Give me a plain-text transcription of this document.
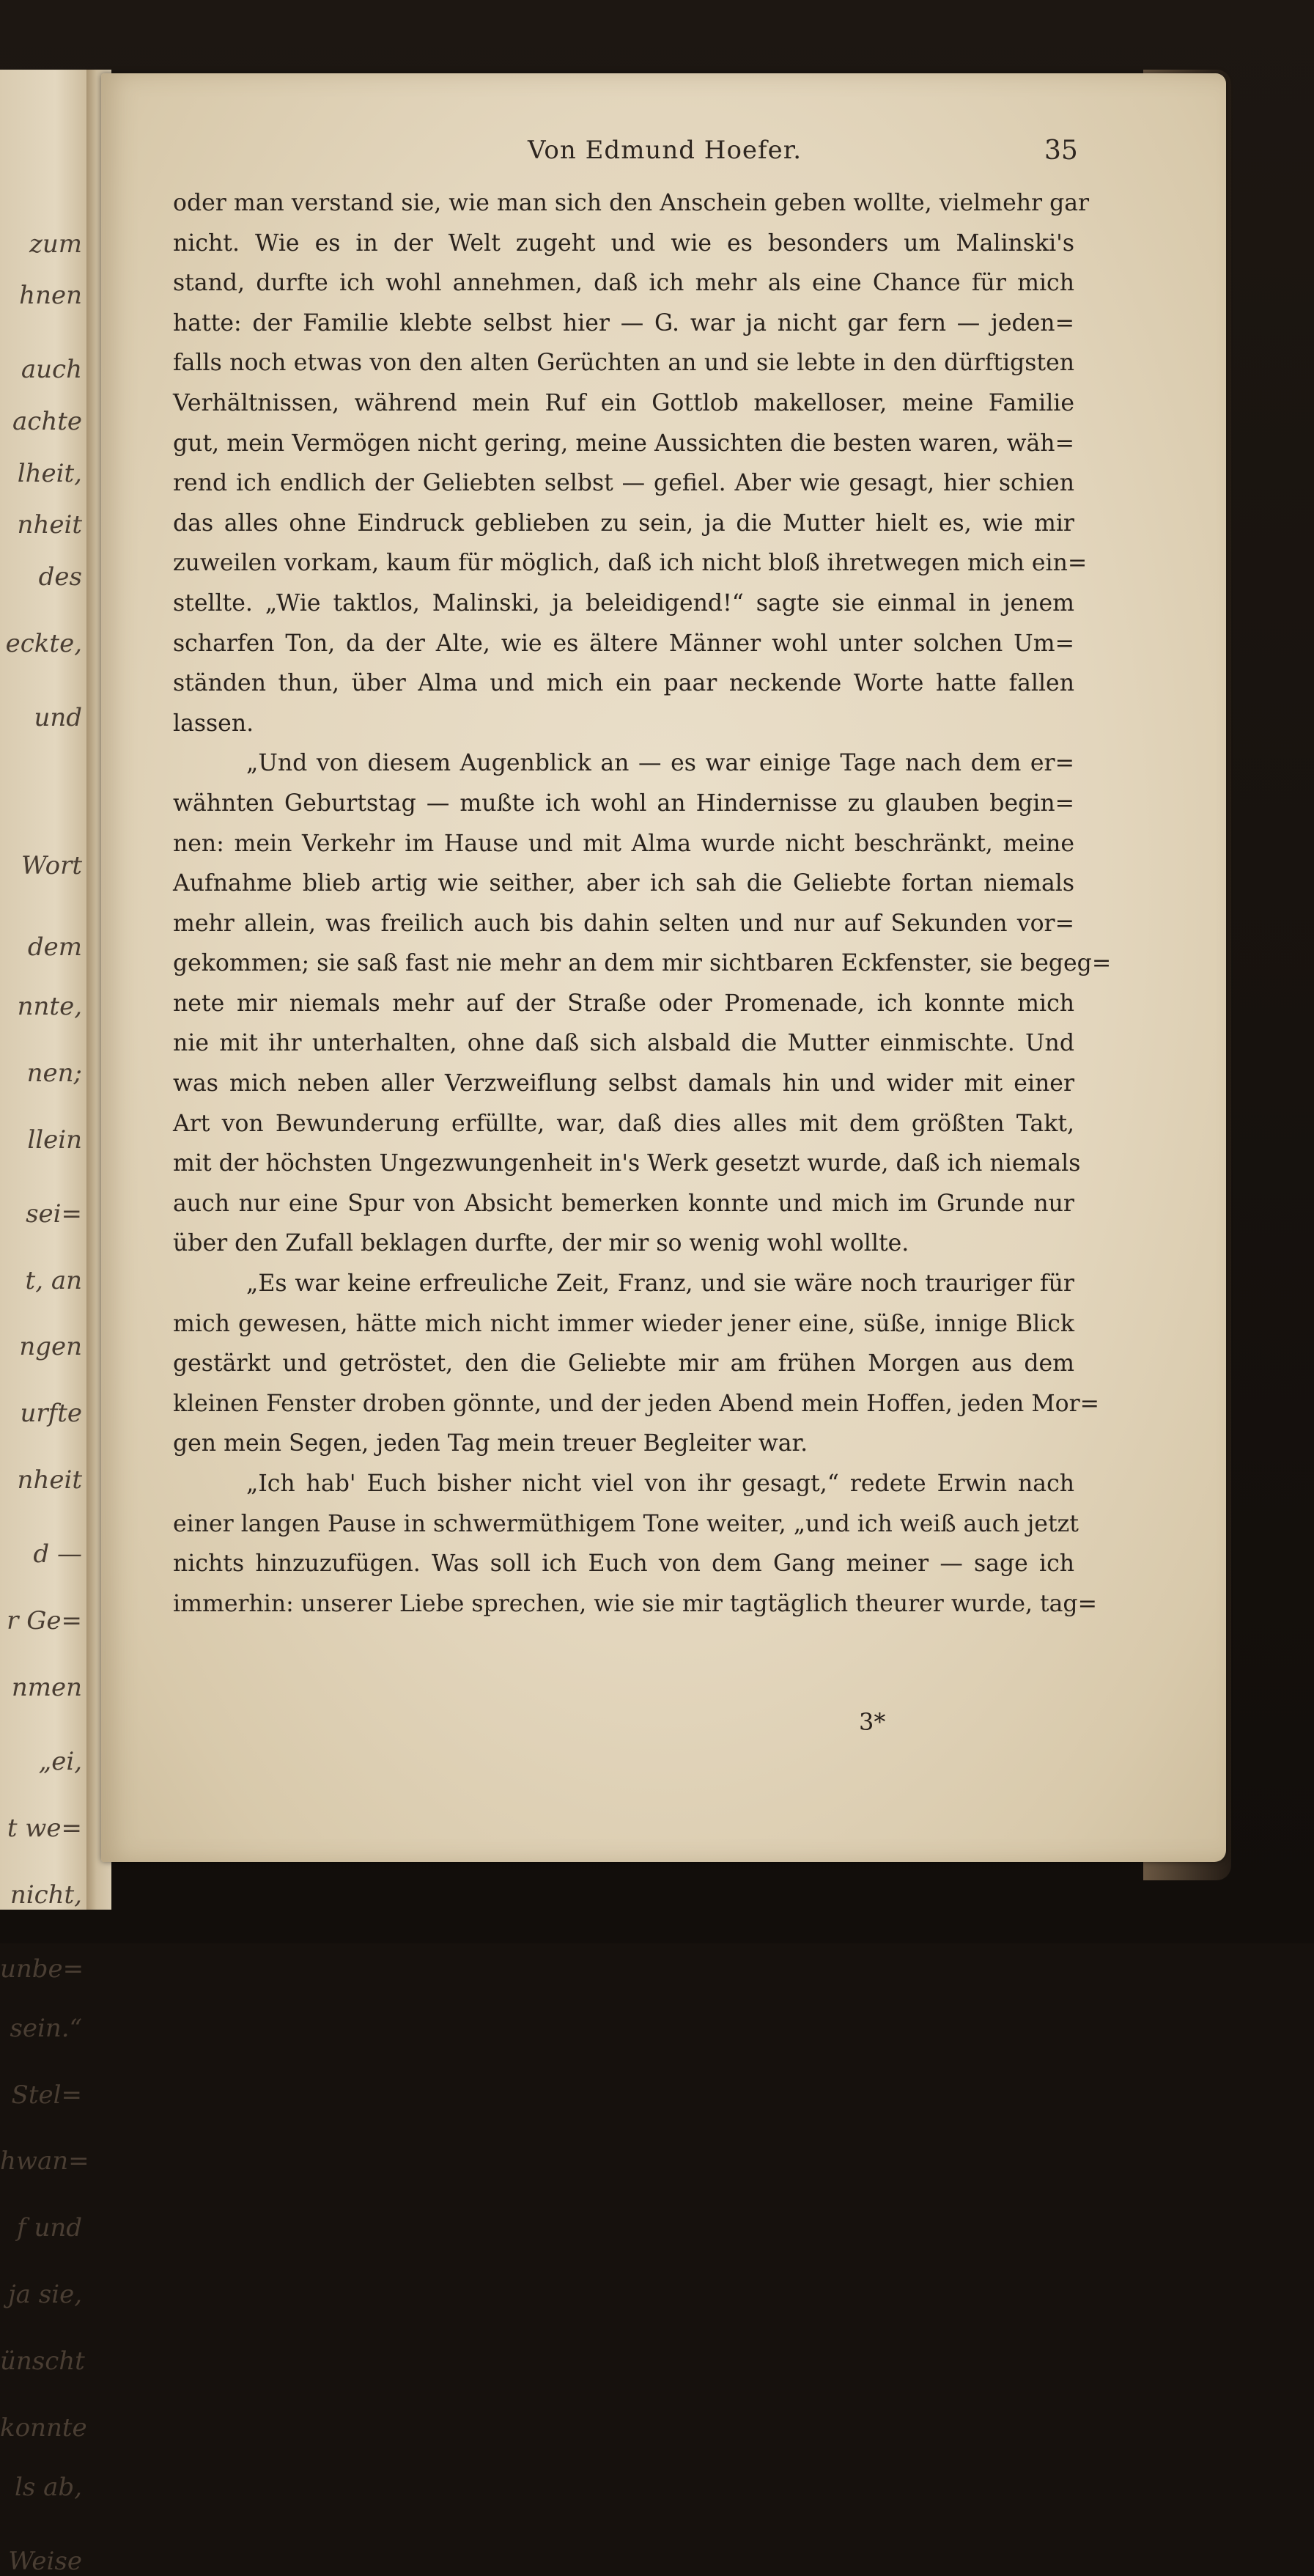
zum
hnen
auch
achte
lheit,
nheit
des
eckte,
und
Wort
dem
nnte,
nen;
llein
sei=
t, an
ngen
urfte
nheit
d —
r Ge=
nmen
„ei,
t we=
nicht,
unbe=
sein.“
Stel=
hwan=
f und
ja sie,
ünscht
konnte
ls ab,
Weise
Von Edmund Hoefer.	35
oder man verstand sie, wie man sich den Anschein geben wollte, vielmehr gar
nicht. Wie es in der Welt zugeht und wie es besonders um Malinski's
stand, durfte ich wohl annehmen, daß ich mehr als eine Chance für mich
hatte: der Familie klebte selbst hier — G. war ja nicht gar fern — jeden=
falls noch etwas von den alten Gerüchten an und sie lebte in den dürftigsten
Verhältnissen, während mein Ruf ein Gottlob makelloser, meine Familie
gut, mein Vermögen nicht gering, meine Aussichten die besten waren, wäh=
rend ich endlich der Geliebten selbst — gefiel. Aber wie gesagt, hier schien
das alles ohne Eindruck geblieben zu sein, ja die Mutter hielt es, wie mir
zuweilen vorkam, kaum für möglich, daß ich nicht bloß ihretwegen mich ein=
stellte. „Wie taktlos, Malinski, ja beleidigend!“ sagte sie einmal in jenem
scharfen Ton, da der Alte, wie es ältere Männer wohl unter solchen Um=
ständen thun, über Alma und mich ein paar neckende Worte hatte fallen
lassen.
„Und von diesem Augenblick an — es war einige Tage nach dem er=
wähnten Geburtstag — mußte ich wohl an Hindernisse zu glauben begin=
nen: mein Verkehr im Hause und mit Alma wurde nicht beschränkt, meine
Aufnahme blieb artig wie seither, aber ich sah die Geliebte fortan niemals
mehr allein, was freilich auch bis dahin selten und nur auf Sekunden vor=
gekommen; sie saß fast nie mehr an dem mir sichtbaren Eckfenster, sie begeg=
nete mir niemals mehr auf der Straße oder Promenade, ich konnte mich
nie mit ihr unterhalten, ohne daß sich alsbald die Mutter einmischte. Und
was mich neben aller Verzweiflung selbst damals hin und wider mit einer
Art von Bewunderung erfüllte, war, daß dies alles mit dem größten Takt,
mit der höchsten Ungezwungenheit in's Werk gesetzt wurde, daß ich niemals
auch nur eine Spur von Absicht bemerken konnte und mich im Grunde nur
über den Zufall beklagen durfte, der mir so wenig wohl wollte.
„Es war keine erfreuliche Zeit, Franz, und sie wäre noch trauriger für
mich gewesen, hätte mich nicht immer wieder jener eine, süße, innige Blick
gestärkt und getröstet, den die Geliebte mir am frühen Morgen aus dem
kleinen Fenster droben gönnte, und der jeden Abend mein Hoffen, jeden Mor=
gen mein Segen, jeden Tag mein treuer Begleiter war.
„Ich hab' Euch bisher nicht viel von ihr gesagt,“ redete Erwin nach
einer langen Pause in schwermüthigem Tone weiter, „und ich weiß auch jetzt
nichts hinzuzufügen. Was soll ich Euch von dem Gang meiner — sage ich
immerhin: unserer Liebe sprechen, wie sie mir tagtäglich theurer wurde, tag=
3*
